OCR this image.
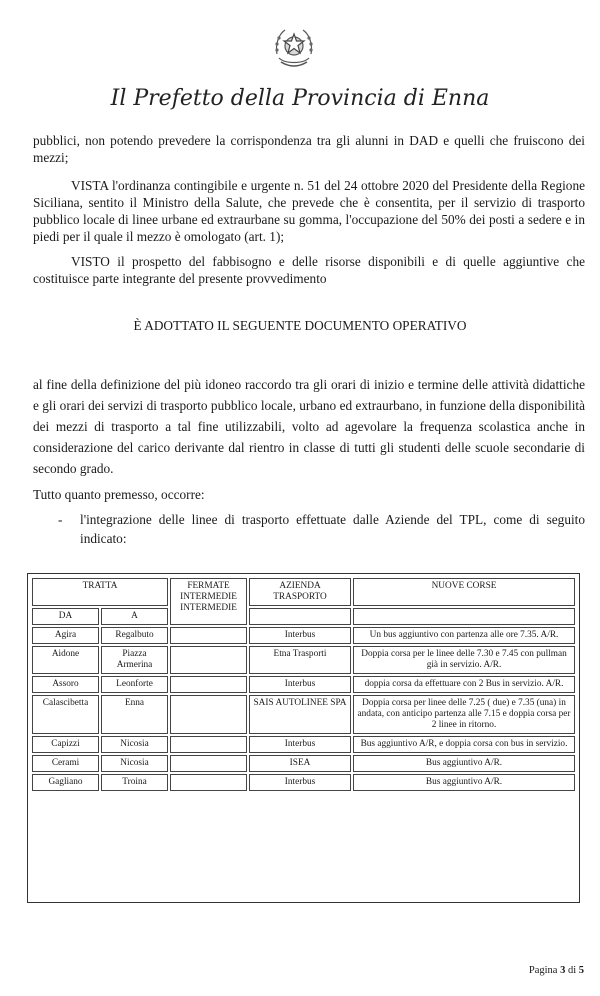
Il Prefetto della Provincia di Enna

pubblici, non potendo prevedere la corrispondenza tra gli alunni in DAD e quelli che fruiscono dei mezzi;

VISTA l'ordinanza contingibile e urgente n. 51 del 24 ottobre 2020 del Presidente della Regione Siciliana, sentito il Ministro della Salute, che prevede che è consentita, per il servizio di trasporto pubblico locale di linee urbane ed extraurbane su gomma, l'occupazione del 50% dei posti a sedere e in piedi per il quale il mezzo è omologato (art. 1);

VISTO il prospetto del fabbisogno e delle risorse disponibili e di quelle aggiuntive che costituisce parte integrante del presente provvedimento

È ADOTTATO IL SEGUENTE DOCUMENTO OPERATIVO

al fine della definizione del più idoneo raccordo tra gli orari di inizio e termine delle attività didattiche e gli orari dei servizi di trasporto pubblico locale, urbano ed extraurbano, in funzione della disponibilità dei mezzi di trasporto a tal fine utilizzabili, volto ad agevolare la frequenza scolastica anche in considerazione del carico derivante dal rientro in classe di tutti gli studenti delle scuole secondarie di secondo grado.

Tutto quanto premesso, occorre:

- l'integrazione delle linee di trasporto effettuate dalle Aziende del TPL, come di seguito indicato:

TRATTA		FERMATE INTERMEDIE INTERMEDIE	AZIENDA TRASPORTO	NUOVE CORSE
DA	A			
Agira	Regalbuto		Interbus	Un bus aggiuntivo con partenza alle ore 7.35. A/R.
Aidone	Piazza Armerina		Etna Trasporti	Doppia corsa per le linee delle 7.30 e 7.45 con pullman già in servizio. A/R.
Assoro	Leonforte		Interbus	doppia corsa da effettuare con 2 Bus in servizio. A/R.
Calascibetta	Enna		SAIS AUTOLINEE SPA	Doppia corsa per linee delle 7.25 ( due) e 7.35 (una) in andata, con anticipo partenza alle 7.15 e doppia corsa per 2 linee in ritorno.
Capizzi	Nicosia		Interbus	Bus aggiuntivo A/R, e doppia corsa con bus in servizio.
Cerami	Nicosia		ISEA	Bus aggiuntivo A/R.
Gagliano	Troina		Interbus	Bus aggiuntivo A/R.
Pagina 3 di 5
